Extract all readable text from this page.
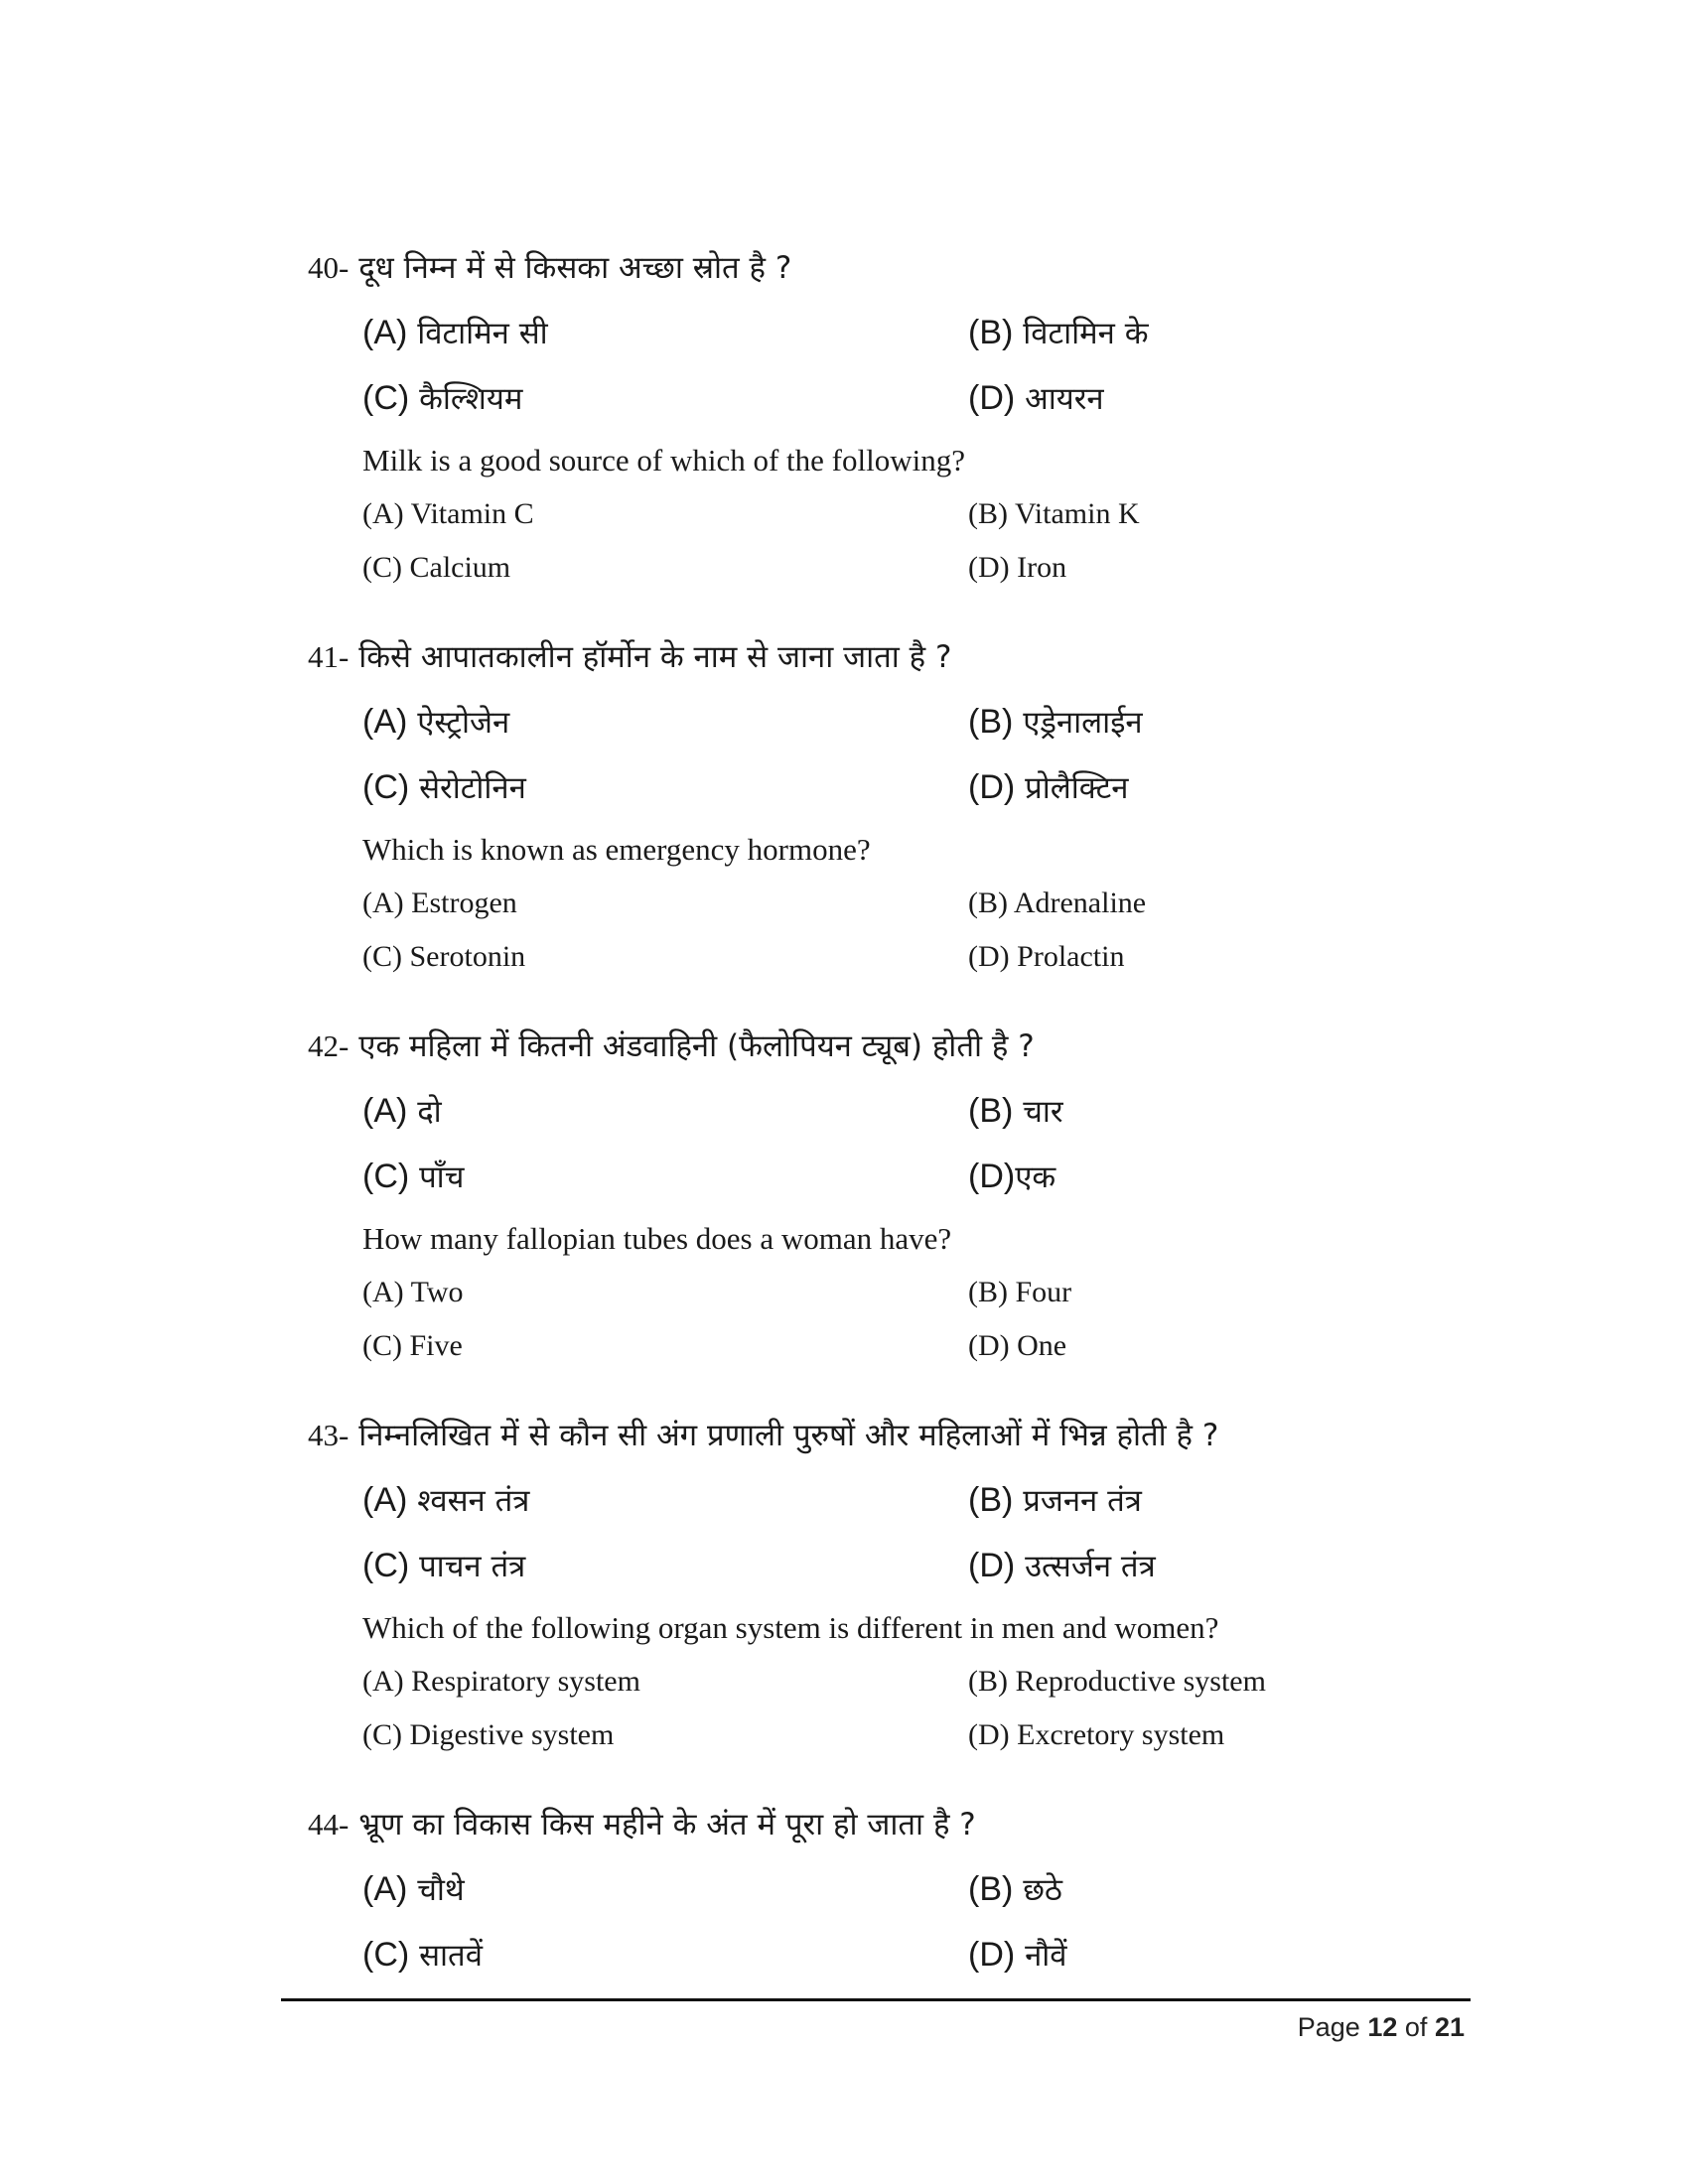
40- दूध निम्न में से किसका अच्छा स्रोत है ?
(A) विटामिन सी	(B) विटामिन के
(C) कैल्शियम	(D) आयरन
Milk is a good source of which of the following?
(A) Vitamin C	(B) Vitamin K
(C) Calcium	(D) Iron
41- किसे आपातकालीन हॉर्मोन के नाम से जाना जाता है ?
(A) ऐस्ट्रोजेन	(B) एड्रेनालाईन
(C) सेरोटोनिन	(D) प्रोलैक्टिन
Which is known as emergency hormone?
(A) Estrogen	(B) Adrenaline
(C) Serotonin	(D) Prolactin
42- एक महिला में कितनी अंडवाहिनी (फैलोपियन ट्यूब) होती है ?
(A) दो	(B) चार
(C) पाँच	(D)एक
How many fallopian tubes does a woman have?
(A) Two	(B) Four
(C) Five	(D) One
43- निम्नलिखित में से कौन सी अंग प्रणाली पुरुषों और महिलाओं में भिन्न होती है ?
(A) श्वसन तंत्र	(B) प्रजनन तंत्र
(C) पाचन तंत्र	(D) उत्सर्जन तंत्र
Which of the following organ system is different in men and women?
(A) Respiratory system	(B) Reproductive system
(C) Digestive system	(D) Excretory system
44- भ्रूण का विकास किस महीने के अंत में पूरा हो जाता है ?
(A) चौथे	(B) छठे
(C) सातवें	(D) नौवें
Page 12 of 21
